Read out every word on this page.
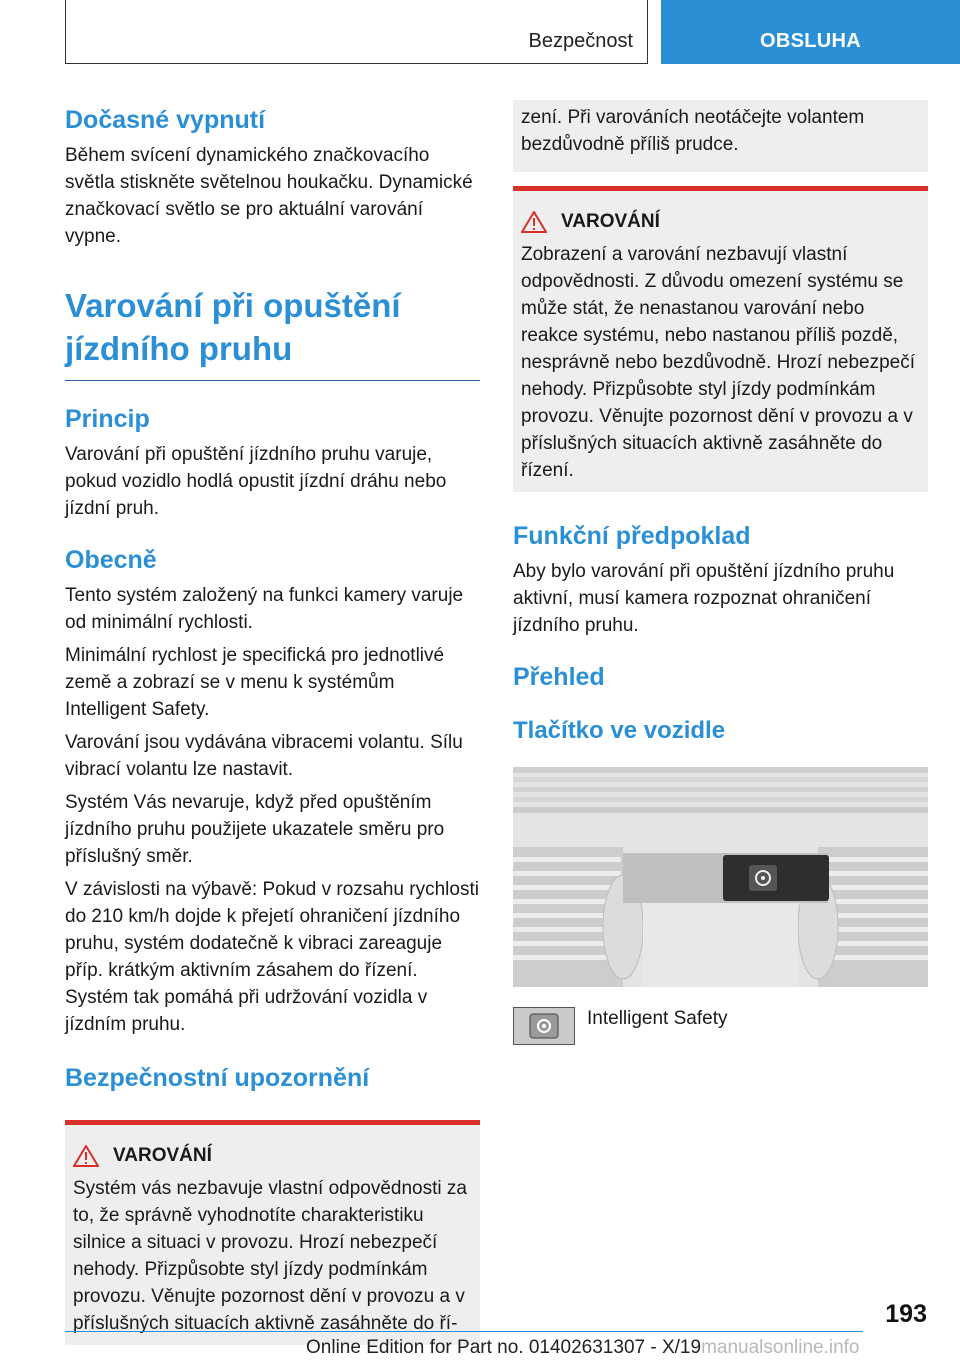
Bezpečnost	OBSLUHA
Dočasné vypnutí

Během svícení dynamického značkovacího světla stiskněte světelnou houkačku. Dynamické značkovací světlo se pro aktuální varování vypne.

Varování při opuštění jízdního pruhu
Princip

Varování při opuštění jízdního pruhu varuje, pokud vozidlo hodlá opustit jízdní dráhu nebo jízdní pruh.

Obecně

Tento systém založený na funkci kamery varuje od minimální rychlosti.

Minimální rychlost je specifická pro jednotlivé země a zobrazí se v menu k systémům Intelligent Safety.

Varování jsou vydávána vibracemi volantu. Sílu vibrací volantu lze nastavit.

Systém Vás nevaruje, když před opuštěním jízdního pruhu použijete ukazatele směru pro příslušný směr.

V závislosti na výbavě: Pokud v rozsahu rychlosti do 210 km/h dojde k přejetí ohraničení jízdního pruhu, systém dodatečně k vibraci zareaguje příp. krátkým aktivním zásahem do řízení. Systém tak pomáhá při udržování vozidla v jízdním pruhu.

Bezpečnostní upozornění
VAROVÁNÍ

Systém vás nezbavuje vlastní odpovědnosti za to, že správně vyhodnotíte charakteristiku silnice a situaci v provozu. Hrozí nebezpečí nehody. Přizpůsobte styl jízdy podmínkám provozu. Věnujte pozornost dění v provozu a v příslušných situacích aktivně zasáhněte do ří-

zení. Při varováních neotáčejte volantem bezdůvodně příliš prudce.

VAROVÁNÍ

Zobrazení a varování nezbavují vlastní odpovědnosti. Z důvodu omezení systému se může stát, že nenastanou varování nebo reakce systému, nebo nastanou příliš pozdě, nesprávně nebo bezdůvodně. Hrozí nebezpečí nehody. Přizpůsobte styl jízdy podmínkám provozu. Věnujte pozornost dění v provozu a v příslušných situacích aktivně zasáhněte do řízení.

Funkční předpoklad

Aby bylo varování při opuštění jízdního pruhu aktivní, musí kamera rozpoznat ohraničení jízdního pruhu.

Přehled
Tlačítko ve vozidle

Intelligent Safety

193
Online Edition for Part no. 01402631307 - X/19manualsonline.info
